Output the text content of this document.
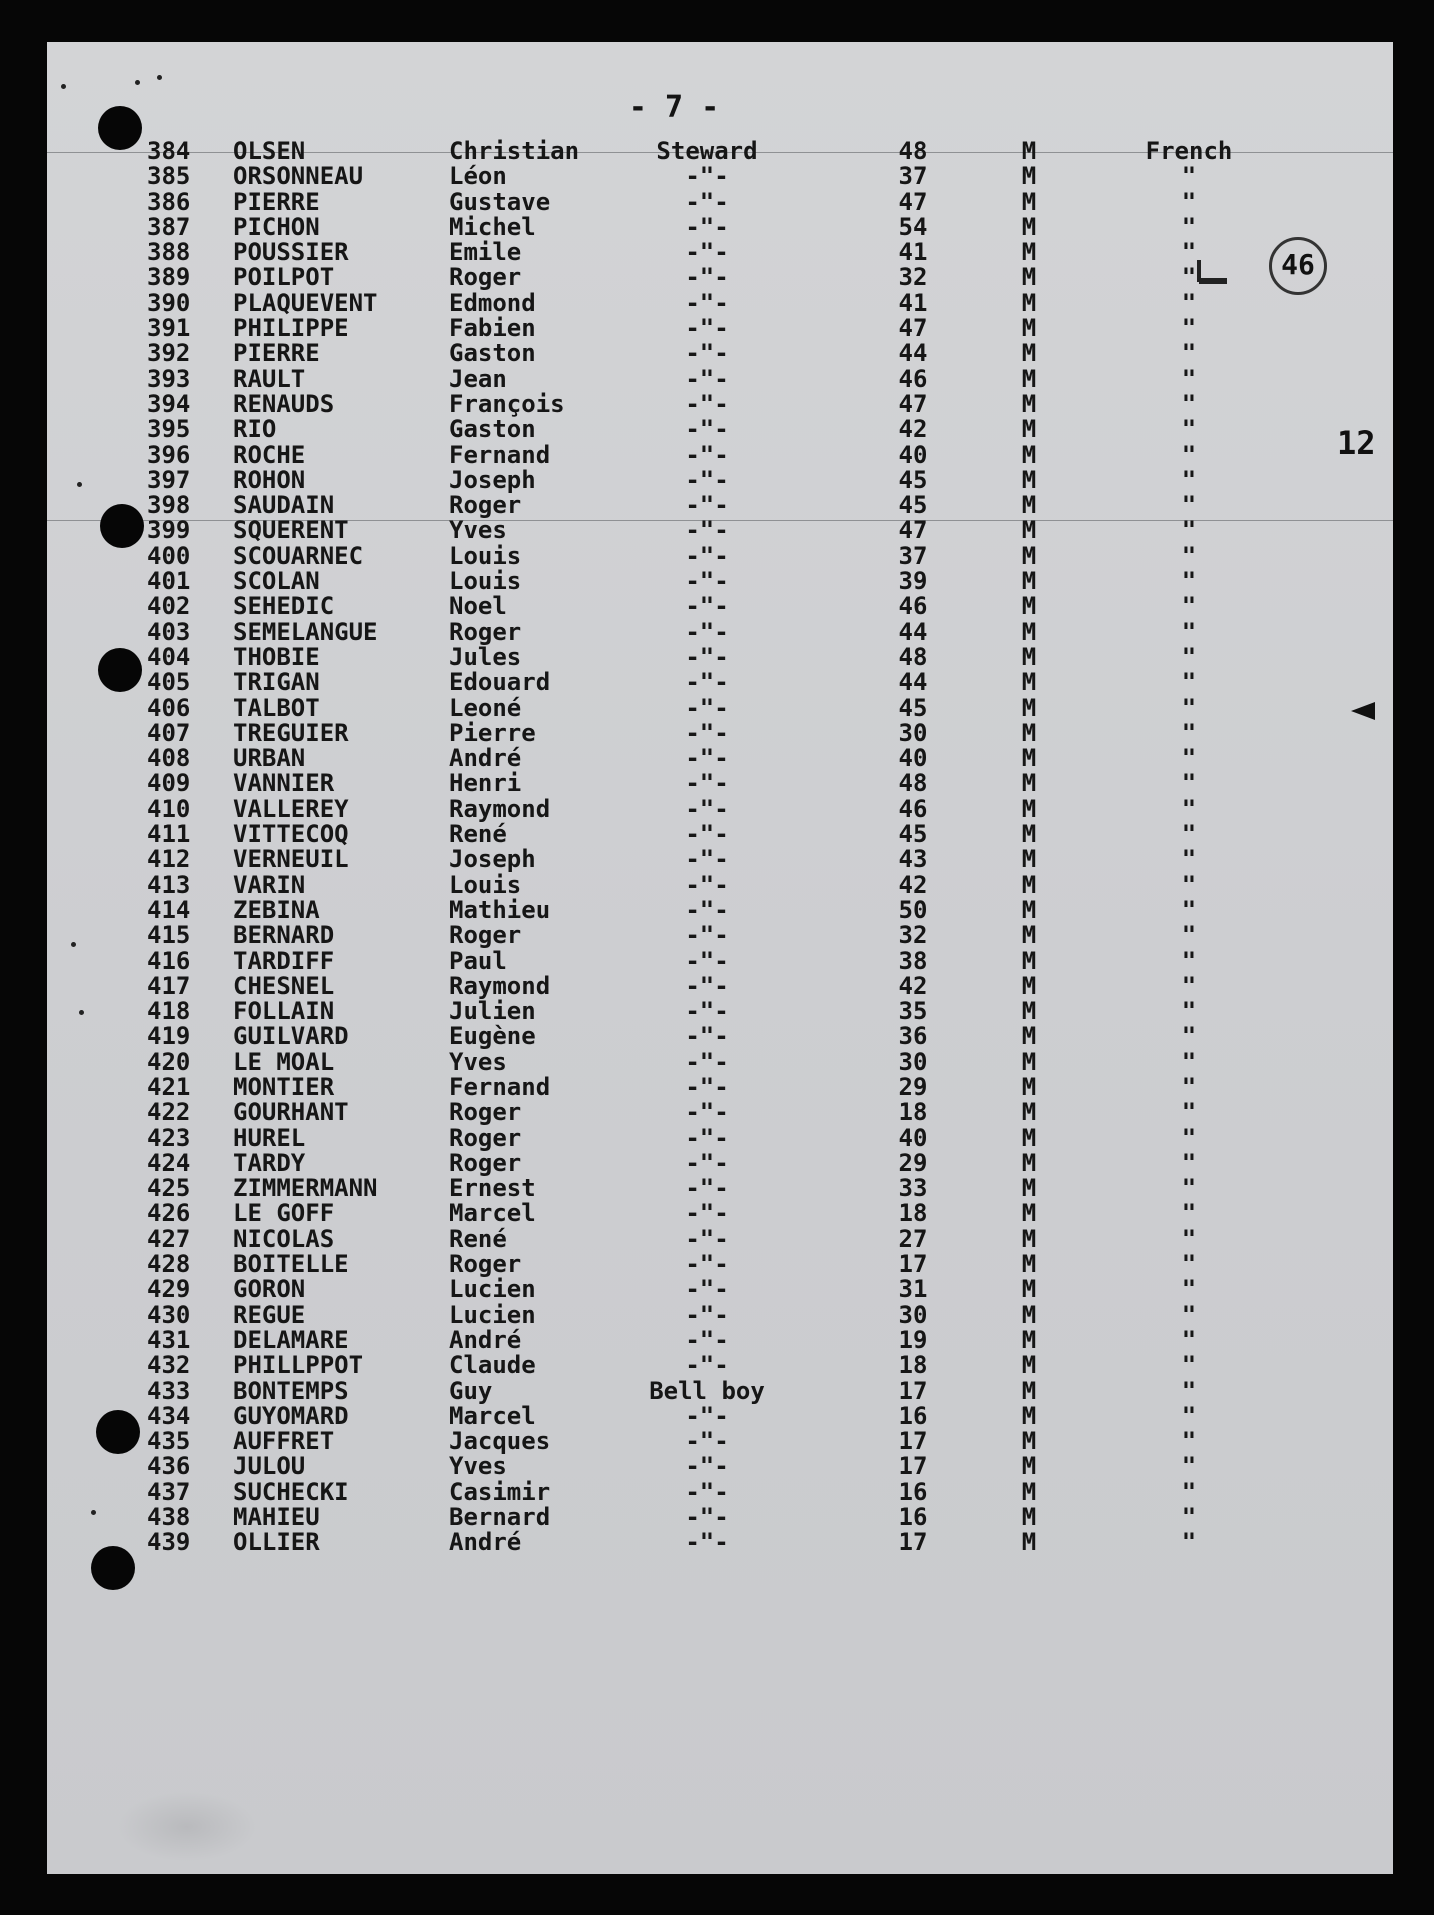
- 7 -
384	OLSEN	Christian	Steward	48	M	French
385	ORSONNEAU	Léon	-"-	37	M	"
386	PIERRE	Gustave	-"-	47	M	"
387	PICHON	Michel	-"-	54	M	"
388	POUSSIER	Emile	-"-	41	M	"
389	POILPOT	Roger	-"-	32	M	"
390	PLAQUEVENT	Edmond	-"-	41	M	"
391	PHILIPPE	Fabien	-"-	47	M	"
392	PIERRE	Gaston	-"-	44	M	"
393	RAULT	Jean	-"-	46	M	"
394	RENAUDS	François	-"-	47	M	"
395	RIO	Gaston	-"-	42	M	"
396	ROCHE	Fernand	-"-	40	M	"
397	ROHON	Joseph	-"-	45	M	"
398	SAUDAIN	Roger	-"-	45	M	"
399	SQUERENT	Yves	-"-	47	M	"
400	SCOUARNEC	Louis	-"-	37	M	"
401	SCOLAN	Louis	-"-	39	M	"
402	SEHEDIC	Noel	-"-	46	M	"
403	SEMELANGUE	Roger	-"-	44	M	"
404	THOBIE	Jules	-"-	48	M	"
405	TRIGAN	Edouard	-"-	44	M	"
406	TALBOT	Leoné	-"-	45	M	"
407	TREGUIER	Pierre	-"-	30	M	"
408	URBAN	André	-"-	40	M	"
409	VANNIER	Henri	-"-	48	M	"
410	VALLEREY	Raymond	-"-	46	M	"
411	VITTECOQ	René	-"-	45	M	"
412	VERNEUIL	Joseph	-"-	43	M	"
413	VARIN	Louis	-"-	42	M	"
414	ZEBINA	Mathieu	-"-	50	M	"
415	BERNARD	Roger	-"-	32	M	"
416	TARDIFF	Paul	-"-	38	M	"
417	CHESNEL	Raymond	-"-	42	M	"
418	FOLLAIN	Julien	-"-	35	M	"
419	GUILVARD	Eugène	-"-	36	M	"
420	LE MOAL	Yves	-"-	30	M	"
421	MONTIER	Fernand	-"-	29	M	"
422	GOURHANT	Roger	-"-	18	M	"
423	HUREL	Roger	-"-	40	M	"
424	TARDY	Roger	-"-	29	M	"
425	ZIMMERMANN	Ernest	-"-	33	M	"
426	LE GOFF	Marcel	-"-	18	M	"
427	NICOLAS	René	-"-	27	M	"
428	BOITELLE	Roger	-"-	17	M	"
429	GORON	Lucien	-"-	31	M	"
430	REGUE	Lucien	-"-	30	M	"
431	DELAMARE	André	-"-	19	M	"
432	PHILLPPOT	Claude	-"-	18	M	"
433	BONTEMPS	Guy	Bell boy	17	M	"
434	GUYOMARD	Marcel	-"-	16	M	"
435	AUFFRET	Jacques	-"-	17	M	"
436	JULOU	Yves	-"-	17	M	"
437	SUCHECKI	Casimir	-"-	16	M	"
438	MAHIEU	Bernard	-"-	16	M	"
439	OLLIER	André	-"-	17	M	"
12
46
